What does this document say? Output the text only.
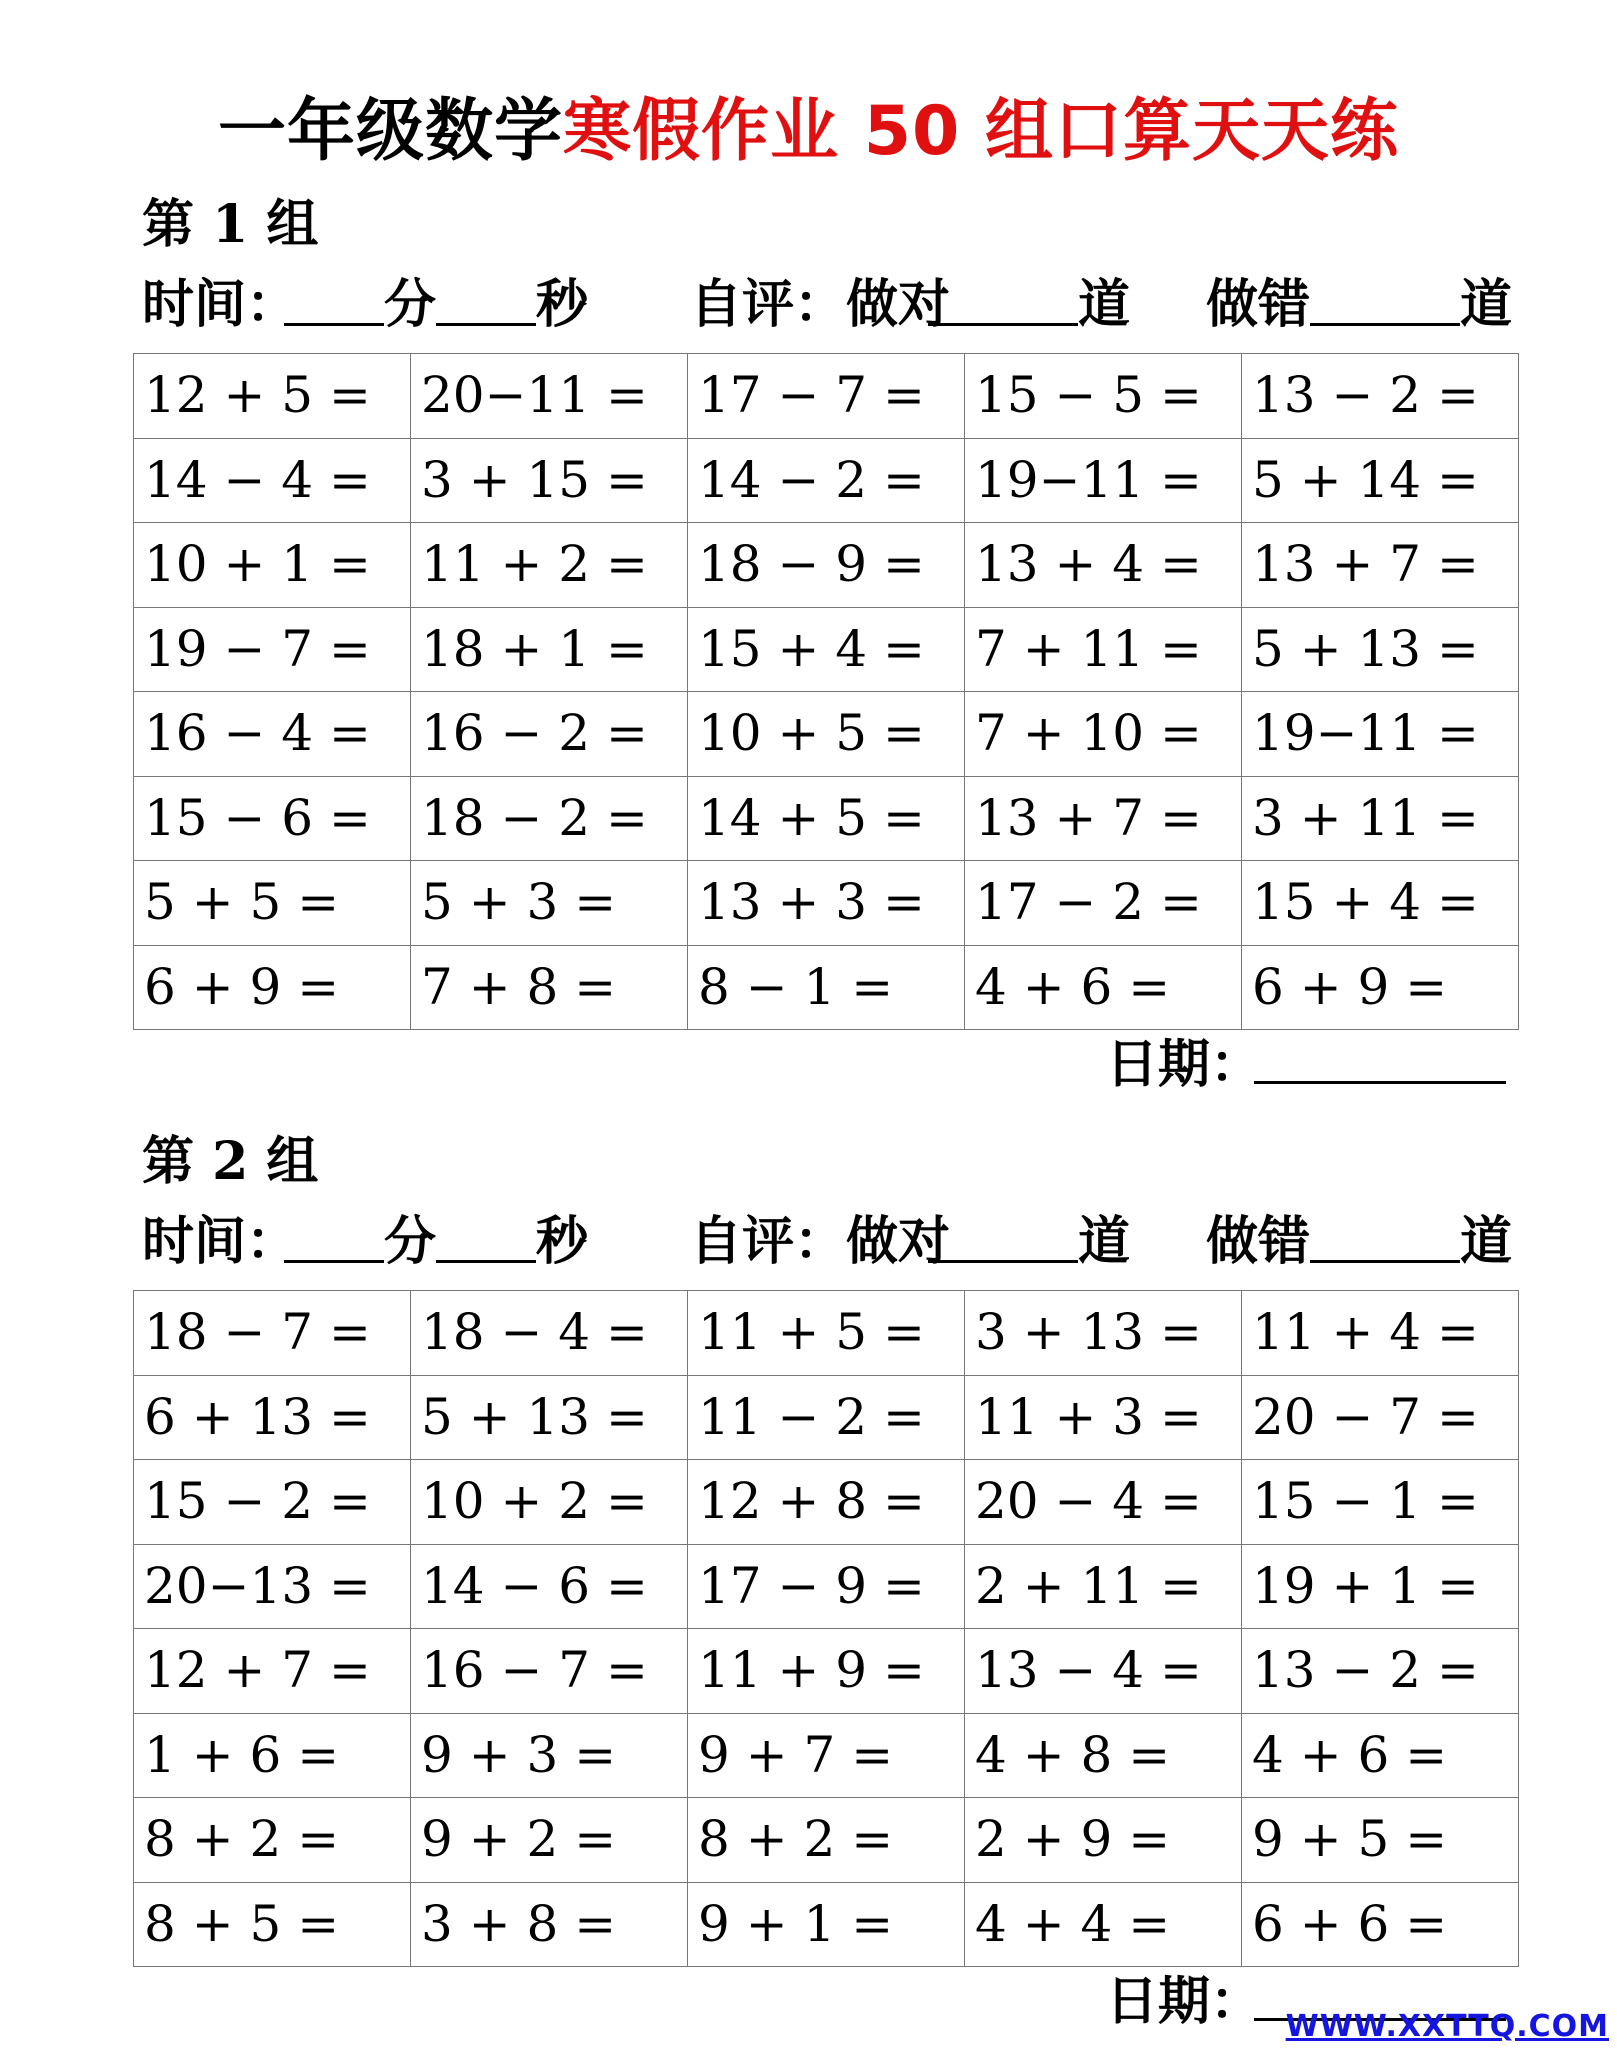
一年级数学寒假作业 50 组口算天天练
第 1 组
时间： 分 秒 自评：做对 道 做错	道
12 + 5 =	20−11 =	17 − 7 =	15 − 5 =	13 − 2 =
14 − 4 =	3 + 15 =	14 − 2 =	19−11 =	5 + 14 =
10 + 1 =	11 + 2 =	18 − 9 =	13 + 4 =	13 + 7 =
19 − 7 =	18 + 1 =	15 + 4 =	7 + 11 =	5 + 13 =
16 − 4 =	16 − 2 =	10 + 5 =	7 + 10 =	19−11 =
15 − 6 =	18 − 2 =	14 + 5 =	13 + 7 =	3 + 11 =
5 + 5 =	5 + 3 =	13 + 3 =	17 − 2 =	15 + 4 =
6 + 9 =	7 + 8 =	8 − 1 =	4 + 6 =	6 + 9 =
日期：
第 2 组
时间： 分 秒 自评：做对 道 做错	道
18 − 7 =	18 − 4 =	11 + 5 =	3 + 13 =	11 + 4 =
6 + 13 =	5 + 13 =	11 − 2 =	11 + 3 =	20 − 7 =
15 − 2 =	10 + 2 =	12 + 8 =	20 − 4 =	15 − 1 =
20−13 =	14 − 6 =	17 − 9 =	2 + 11 =	19 + 1 =
12 + 7 =	16 − 7 =	11 + 9 =	13 − 4 =	13 − 2 =
1 + 6 =	9 + 3 =	9 + 7 =	4 + 8 =	4 + 6 =
8 + 2 =	9 + 2 =	8 + 2 =	2 + 9 =	9 + 5 =
8 + 5 =	3 + 8 =	9 + 1 =	4 + 4 =	6 + 6 =
日期： WWW.XXTTQ.COM
